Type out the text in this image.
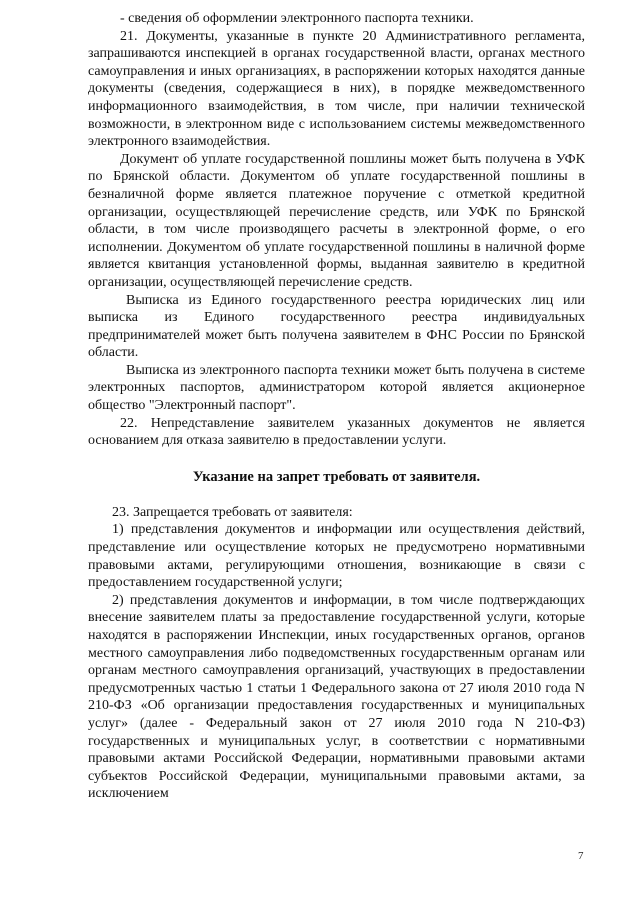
- сведения об оформлении электронного паспорта техники.

21. Документы, указанные в пункте 20 Административного регламента, запрашиваются инспекцией в органах государственной власти, органах местного самоуправления и иных организациях, в распоряжении которых находятся данные документы (сведения, содержащиеся в них), в порядке межведомственного информационного взаимодействия, в том числе, при наличии технической возможности, в электронном виде с использованием системы межведомственного электронного взаимодействия.

Документ об уплате государственной пошлины может быть получена в УФК по Брянской области. Документом об уплате государственной пошлины в безналичной форме является платежное поручение с отметкой кредитной организации, осуществляющей перечисление средств, или УФК по Брянской области, в том числе производящего расчеты в электронной форме, о его исполнении. Документом об уплате государственной пошлины в наличной форме является квитанция установленной формы, выданная заявителю в кредитной организации, осуществляющей перечисление средств.

Выписка из Единого государственного реестра юридических лиц или выписка из Единого государственного реестра индивидуальных предпринимателей может быть получена заявителем в ФНС России по Брянской области.

Выписка из электронного паспорта техники может быть получена в системе электронных паспортов, администратором которой является акционерное общество "Электронный паспорт".

22. Непредставление заявителем указанных документов не является основанием для отказа заявителю в предоставлении услуги.

Указание на запрет требовать от заявителя.

23. Запрещается требовать от заявителя:

1) представления документов и информации или осуществления действий, представление или осуществление которых не предусмотрено нормативными правовыми актами, регулирующими отношения, возникающие в связи с предоставлением государственной услуги;

2) представления документов и информации, в том числе подтверждающих внесение заявителем платы за предоставление государственной услуги, которые находятся в распоряжении Инспекции, иных государственных органов, органов местного самоуправления либо подведомственных государственным органам или органам местного самоуправления организаций, участвующих в предоставлении предусмотренных частью 1 статьи 1 Федерального закона от 27 июля 2010 года N 210-ФЗ «Об организации предоставления государственных и муниципальных услуг» (далее - Федеральный закон от 27 июля 2010 года N 210-ФЗ) государственных и муниципальных услуг, в соответствии с нормативными правовыми актами Российской Федерации, нормативными правовыми актами субъектов Российской Федерации, муниципальными правовыми актами, за исключением

7
